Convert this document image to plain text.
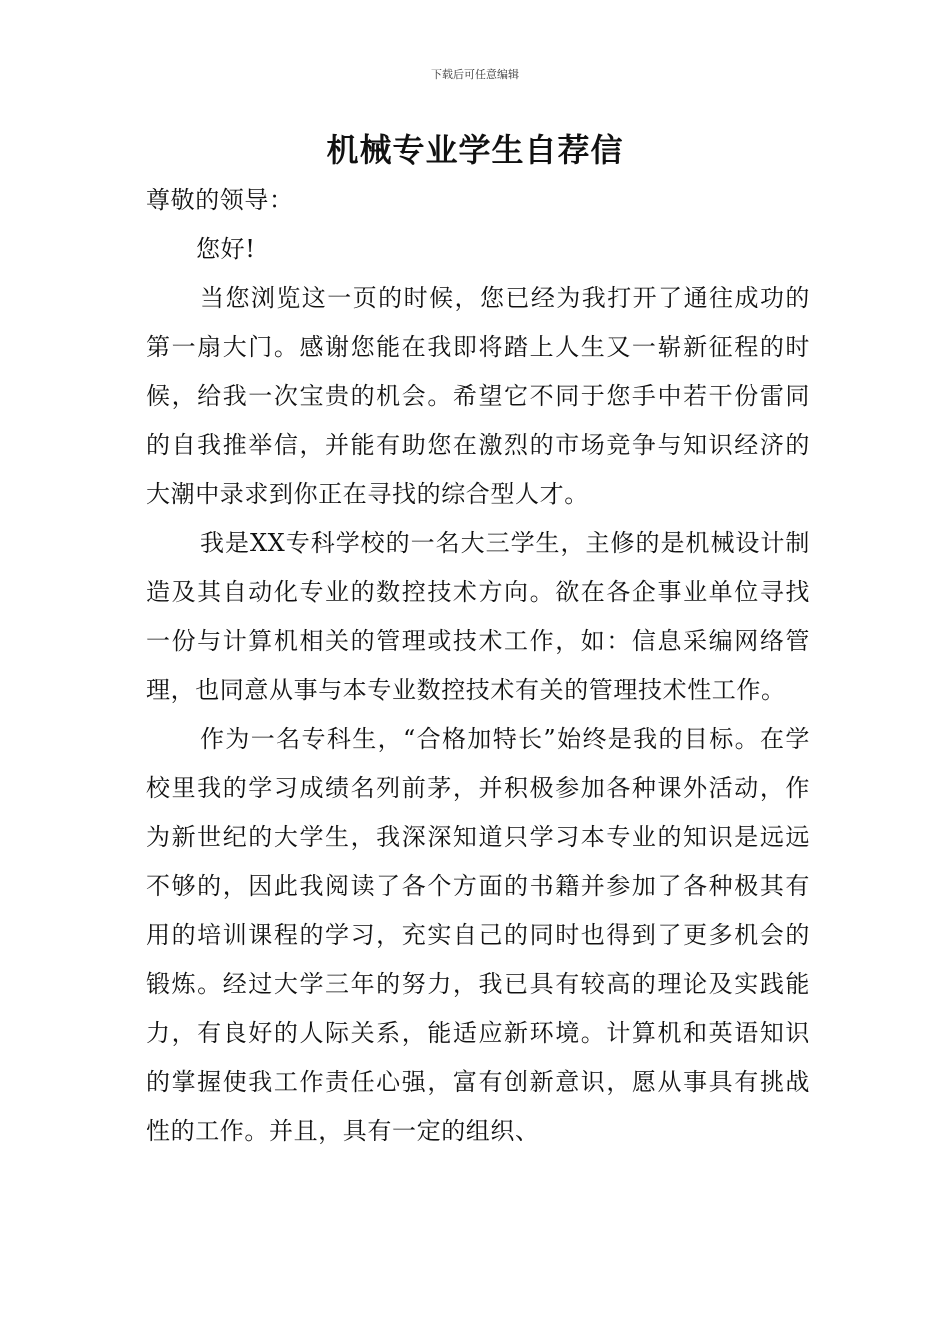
下载后可任意编辑
机械专业学生自荐信

尊敬的领导：

您好!

当您浏览这一页的时候，您已经为我打开了通往成功的第一扇大门。感谢您能在我即将踏上人生又一崭新征程的时候，给我一次宝贵的机会。希望它不同于您手中若干份雷同的自我推举信，并能有助您在激烈的市场竞争与知识经济的大潮中录求到你正在寻找的综合型人才。

我是XX专科学校的一名大三学生，主修的是机械设计制造及其自动化专业的数控技术方向。欲在各企事业单位寻找一份与计算机相关的管理或技术工作，如：信息采编网络管理，也同意从事与本专业数控技术有关的管理技术性工作。

作为一名专科生，“合格加特长”始终是我的目标。在学校里我的学习成绩名列前茅，并积极参加各种课外活动，作为新世纪的大学生，我深深知道只学习本专业的知识是远远不够的，因此我阅读了各个方面的书籍并参加了各种极其有用的培训课程的学习，充实自己的同时也得到了更多机会的锻炼。经过大学三年的努力，我已具有较高的理论及实践能力，有良好的人际关系，能适应新环境。计算机和英语知识的掌握使我工作责任心强，富有创新意识，愿从事具有挑战性的工作。并且，具有一定的组织、
